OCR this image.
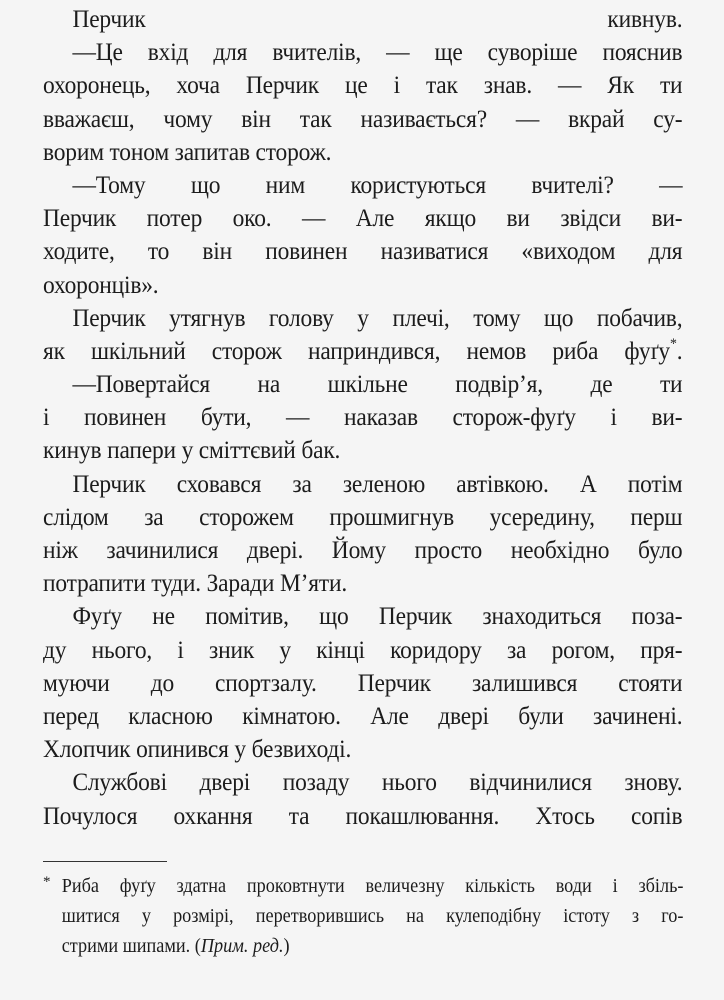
Перчик кивнув.
—Це вхід для вчителів, — ще суворіше пояснив
охоронець, хоча Перчик це і так знав. — Як ти
вважаєш, чому він так називається? — вкрай су-
ворим тоном запитав сторож.
—Тому що ним користуються вчителі? —
Перчик потер око. — Але якщо ви звідси ви-
ходите, то він повинен називатися «виходом для
охоронців».
Перчик утягнув голову у плечі, тому що побачив,
як шкільний сторож наприндився, немов риба фуґу*.
—Повертайся на шкільне подвір’я, де ти
і повинен бути, — наказав сторож-фуґу і ви-
кинув папери у сміттєвий бак.
Перчик сховався за зеленою автівкою. А потім
слідом за сторожем прошмигнув усередину, перш
ніж зачинилися двері. Йому просто необхідно було
потрапити туди. Заради М’яти.
Фуґу не помітив, що Перчик знаходиться поза-
ду нього, і зник у кінці коридору за рогом, пря-
муючи до спортзалу. Перчик залишився стояти
перед класною кімнатою. Але двері були зачинені.
Хлопчик опинився у безвиході.
Службові двері позаду нього відчинилися знову.
Почулося охкання та покашлювання. Хтось сопів
* Риба фуґу здатна проковтнути величезну кількість води і збіль-
шитися у розмірі, перетворившись на кулеподібну істоту з го-
стрими шипами. (Прим. ред.)
